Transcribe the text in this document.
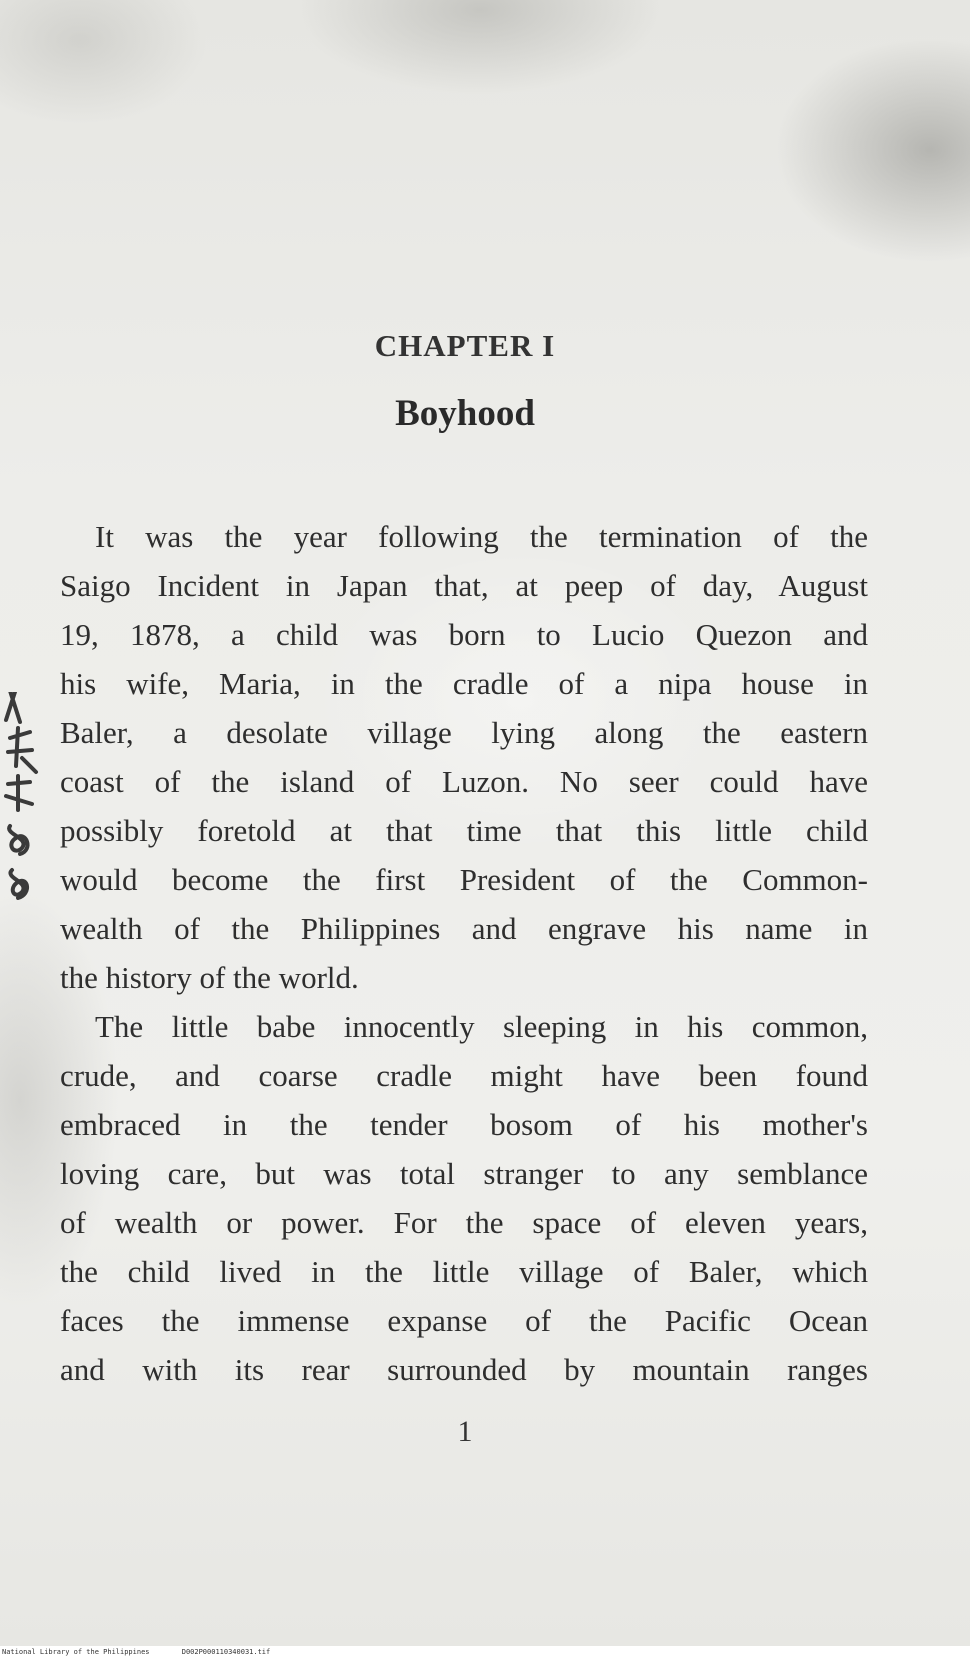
CHAPTER I
Boyhood
It was the year following the termination of the
Saigo Incident in Japan that, at peep of day, August
19, 1878, a child was born to Lucio Quezon and
his wife, Maria, in the cradle of a nipa house in
Baler, a desolate village lying along the eastern
coast of the island of Luzon. No seer could have
possibly foretold at that time that this little child
would become the first President of the Common-
wealth of the Philippines and engrave his name in
the history of the world.
The little babe innocently sleeping in his common,
crude, and coarse cradle might have been found
embraced in the tender bosom of his mother's
loving care, but was total stranger to any semblance
of wealth or power. For the space of eleven years,
the child lived in the little village of Baler, which
faces the immense expanse of the Pacific Ocean
and with its rear surrounded by mountain ranges
1
National Library of the Philippines	D002P000110340031.tif
